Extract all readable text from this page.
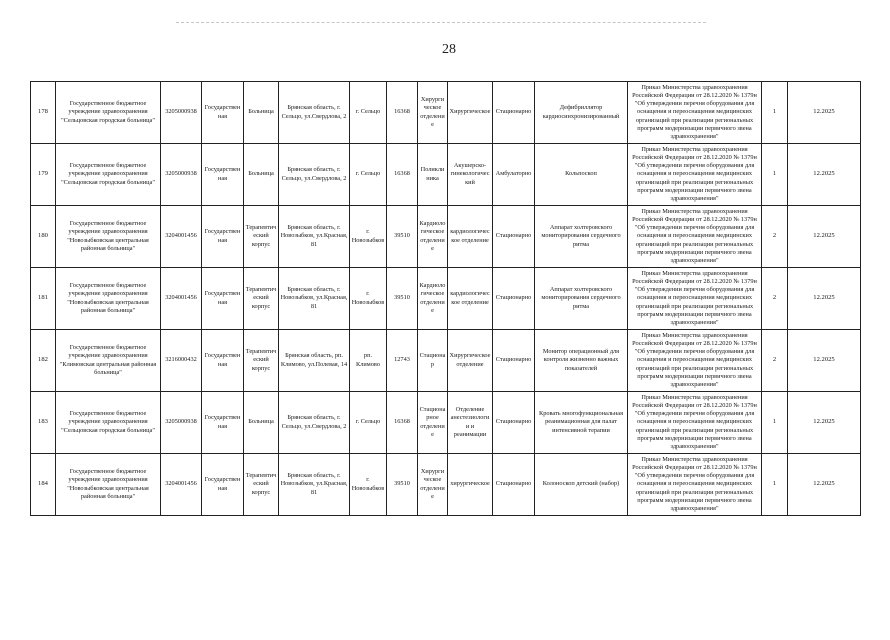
28
178	Государственное бюджетное учреждение здравоохранения "Сельцовская городская больница"	3205000938	Государственная	Больница	Брянская область, г. Сельцо, ул.Свердлова, 2	г. Сельцо	16368	Хирургическое отделение	Хирургическое	Стационарно	Дефибриллятор кардиосинхронизированный	Приказ Министерства здравоохранения Российской Федерации от 28.12.2020 № 1379н "Об утверждении перечня оборудования для оснащения и переоснащения медицинских организаций при реализации региональных программ модернизации первичного звена здравоохранения"	1	12.2025
179	Государственное бюджетное учреждение здравоохранения "Сельцовская городская больница"	3205000938	Государственная	Больница	Брянская область, г. Сельцо, ул.Свердлова, 2	г. Сельцо	16368	Поликлиника	Акушерско-гинекологический	Амбулаторно	Кольпоскоп	Приказ Министерства здравоохранения Российской Федерации от 28.12.2020 № 1379н "Об утверждении перечня оборудования для оснащения и переоснащения медицинских организаций при реализации региональных программ модернизации первичного звена здравоохранения"	1	12.2025
180	Государственное бюджетное учреждение здравоохранения "Новозыбковская центральная районная больница"	3204001456	Государственная	Терапевтический корпус	Брянская область, г. Новозыбков, ул.Красная, 81	г. Новозыбков	39510	Кардиологическое отделение	кардиологическое отделение	Стационарно	Аппарат холтеровского мониторирования сердечного ритма	Приказ Министерства здравоохранения Российской Федерации от 28.12.2020 № 1379н "Об утверждении перечня оборудования для оснащения и переоснащения медицинских организаций при реализации региональных программ модернизации первичного звена здравоохранения"	2	12.2025
181	Государственное бюджетное учреждение здравоохранения "Новозыбковская центральная районная больница"	3204001456	Государственная	Терапевтический корпус	Брянская область, г. Новозыбков, ул.Красная, 81	г. Новозыбков	39510	Кардиологическое отделение	кардиологическое отделение	Стационарно	Аппарат холтеровского мониторирования сердечного ритма	Приказ Министерства здравоохранения Российской Федерации от 28.12.2020 № 1379н "Об утверждении перечня оборудования для оснащения и переоснащения медицинских организаций при реализации региональных программ модернизации первичного звена здравоохранения"	2	12.2025
182	Государственное бюджетное учреждение здравоохранения "Климовская центральная районная больница"	3216000432	Государственная	Терапевтический корпус	Брянская область, рп. Климово, ул.Полевая, 14	рп. Климово	12743	Стационар	Хирургическое отделение	Стационарно	Монитор операционный для контроля жизненно важных показателей	Приказ Министерства здравоохранения Российской Федерации от 28.12.2020 № 1379н "Об утверждении перечня оборудования для оснащения и переоснащения медицинских организаций при реализации региональных программ модернизации первичного звена здравоохранения"	2	12.2025
183	Государственное бюджетное учреждение здравоохранения "Сельцовская городская больница"	3205000938	Государственная	Больница	Брянская область, г. Сельцо, ул.Свердлова, 2	г. Сельцо	16368	Стационарное отделение	Отделение анестезиологии и реанимации	Стационарно	Кровать многофункциональная реанимационная для палат интенсивной терапии	Приказ Министерства здравоохранения Российской Федерации от 28.12.2020 № 1379н "Об утверждении перечня оборудования для оснащения и переоснащения медицинских организаций при реализации региональных программ модернизации первичного звена здравоохранения"	1	12.2025
184	Государственное бюджетное учреждение здравоохранения "Новозыбковская центральная районная больница"	3204001456	Государственная	Терапевтический корпус	Брянская область, г. Новозыбков, ул.Красная, 81	г. Новозыбков	39510	Хирургическое отделение	хирургическое	Стационарно	Колоноскоп детский (набор)	Приказ Министерства здравоохранения Российской Федерации от 28.12.2020 № 1379н "Об утверждении перечня оборудования для оснащения и переоснащения медицинских организаций при реализации региональных программ модернизации первичного звена здравоохранения"	1	12.2025
